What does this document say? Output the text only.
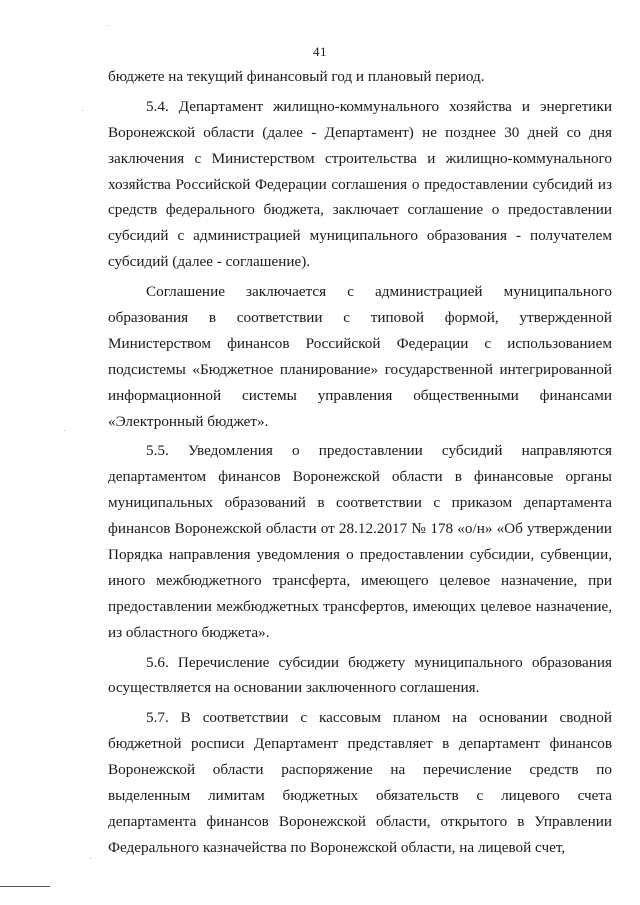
41
бюджете на текущий финансовый год и плановый период.
5.4. Департамент жилищно-коммунального хозяйства и энергетики
Воронежской области (далее - Департамент) не позднее 30 дней со дня
заключения с Министерством строительства и жилищно-коммунального
хозяйства Российской Федерации соглашения о предоставлении субсидий из
средств федерального бюджета, заключает соглашение о предоставлении
субсидий с администрацией муниципального образования - получателем
субсидий (далее - соглашение).
Соглашение заключается с администрацией муниципального
образования в соответствии с типовой формой, утвержденной
Министерством финансов Российской Федерации с использованием
подсистемы «Бюджетное планирование» государственной интегрированной
информационной системы управления общественными финансами
«Электронный бюджет».
5.5. Уведомления о предоставлении субсидий направляются
департаментом финансов Воронежской области в финансовые органы
муниципальных образований в соответствии с приказом департамента
финансов Воронежской области от 28.12.2017 № 178 «о/н» «Об утверждении
Порядка направления уведомления о предоставлении субсидии, субвенции,
иного межбюджетного трансферта, имеющего целевое назначение, при
предоставлении межбюджетных трансфертов, имеющих целевое назначение,
из областного бюджета».
5.6. Перечисление субсидии бюджету муниципального образования
осуществляется на основании заключенного соглашения.
5.7. В соответствии с кассовым планом на основании сводной
бюджетной росписи Департамент представляет в департамент финансов
Воронежской области распоряжение на перечисление средств по
выделенным лимитам бюджетных обязательств с лицевого счета
департамента финансов Воронежской области, открытого в Управлении
Федерального казначейства по Воронежской области, на лицевой счет,
